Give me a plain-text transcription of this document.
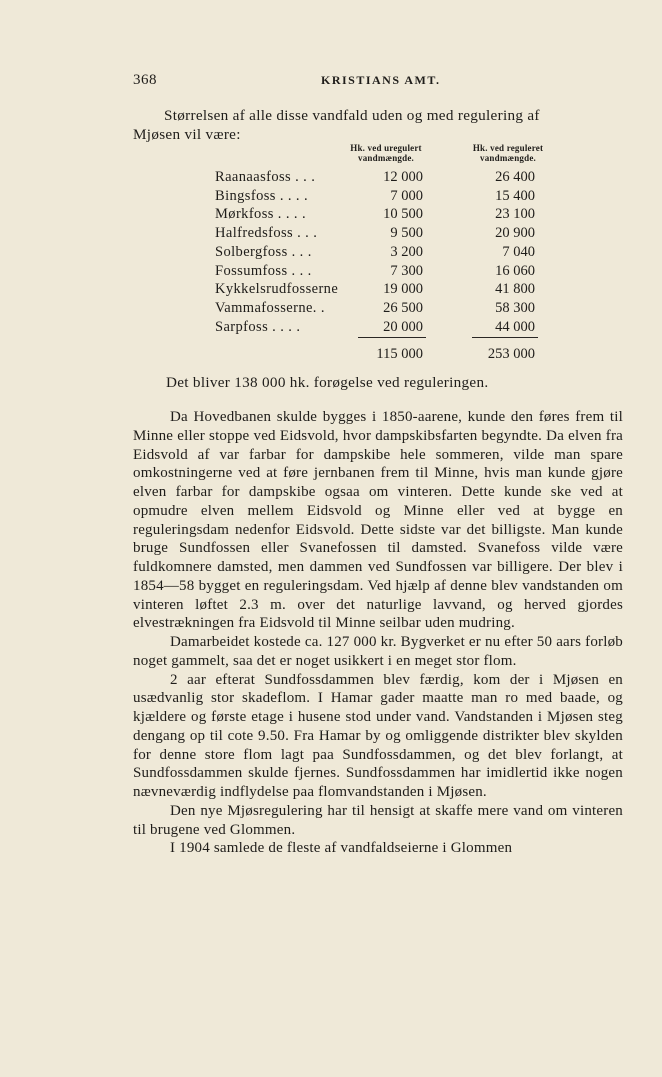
368	KRISTIANS AMT.
Størrelsen af alle disse vandfald uden og med regulering af
Mjøsen vil være:
Hk. ved uregulert vandmængde.
Hk. ved reguleret vandmængde.
Raanaasfoss . . .	12 000	26 400
Bingsfoss . . . .	7 000	15 400
Mørkfoss . . . .	10 500	23 100
Halfredsfoss . . .	9 500	20 900
Solbergfoss . . .	3 200	7 040
Fossumfoss . . .	7 300	16 060
Kykkelsrudfosserne	19 000	41 800
Vammafosserne. .	26 500	58 300
Sarpfoss . . . .	20 000	44 000
115 000	253 000
Det bliver 138 000 hk. forøgelse ved reguleringen.

Da Hovedbanen skulde bygges i 1850-aarene, kunde den føres frem til Minne eller stoppe ved Eidsvold, hvor dampskibsfarten begyndte. Da elven fra Eidsvold af var farbar for dampskibe hele sommeren, vilde man spare omkostningerne ved at føre jernbanen frem til Minne, hvis man kunde gjøre elven farbar for dampskibe ogsaa om vinteren. Dette kunde ske ved at opmudre elven mellem Eidsvold og Minne eller ved at bygge en reguleringsdam nedenfor Eidsvold. Dette sidste var det billigste. Man kunde bruge Sundfossen eller Svanefossen til damsted. Svanefoss vilde være fuldkomnere damsted, men dammen ved Sundfossen var billigere. Der blev i 1854—58 bygget en reguleringsdam. Ved hjælp af denne blev vandstanden om vinteren løftet 2.3 m. over det naturlige lavvand, og herved gjordes elvestrækningen fra Eidsvold til Minne seilbar uden mudring.

Damarbeidet kostede ca. 127 000 kr. Bygverket er nu efter 50 aars forløb noget gammelt, saa det er noget usikkert i en meget stor flom.

2 aar efterat Sundfossdammen blev færdig, kom der i Mjøsen en usædvanlig stor skadeflom. I Hamar gader maatte man ro med baade, og kjældere og første etage i husene stod under vand. Vandstanden i Mjøsen steg dengang op til cote 9.50. Fra Hamar by og omliggende distrikter blev skylden for denne store flom lagt paa Sundfossdammen, og det blev forlangt, at Sundfossdammen skulde fjernes. Sundfossdammen har imidlertid ikke nogen nævneværdig indflydelse paa flomvandstanden i Mjøsen.

Den nye Mjøsregulering har til hensigt at skaffe mere vand om vinteren til brugene ved Glommen.

I 1904 samlede de fleste af vandfaldseierne i Glommen
